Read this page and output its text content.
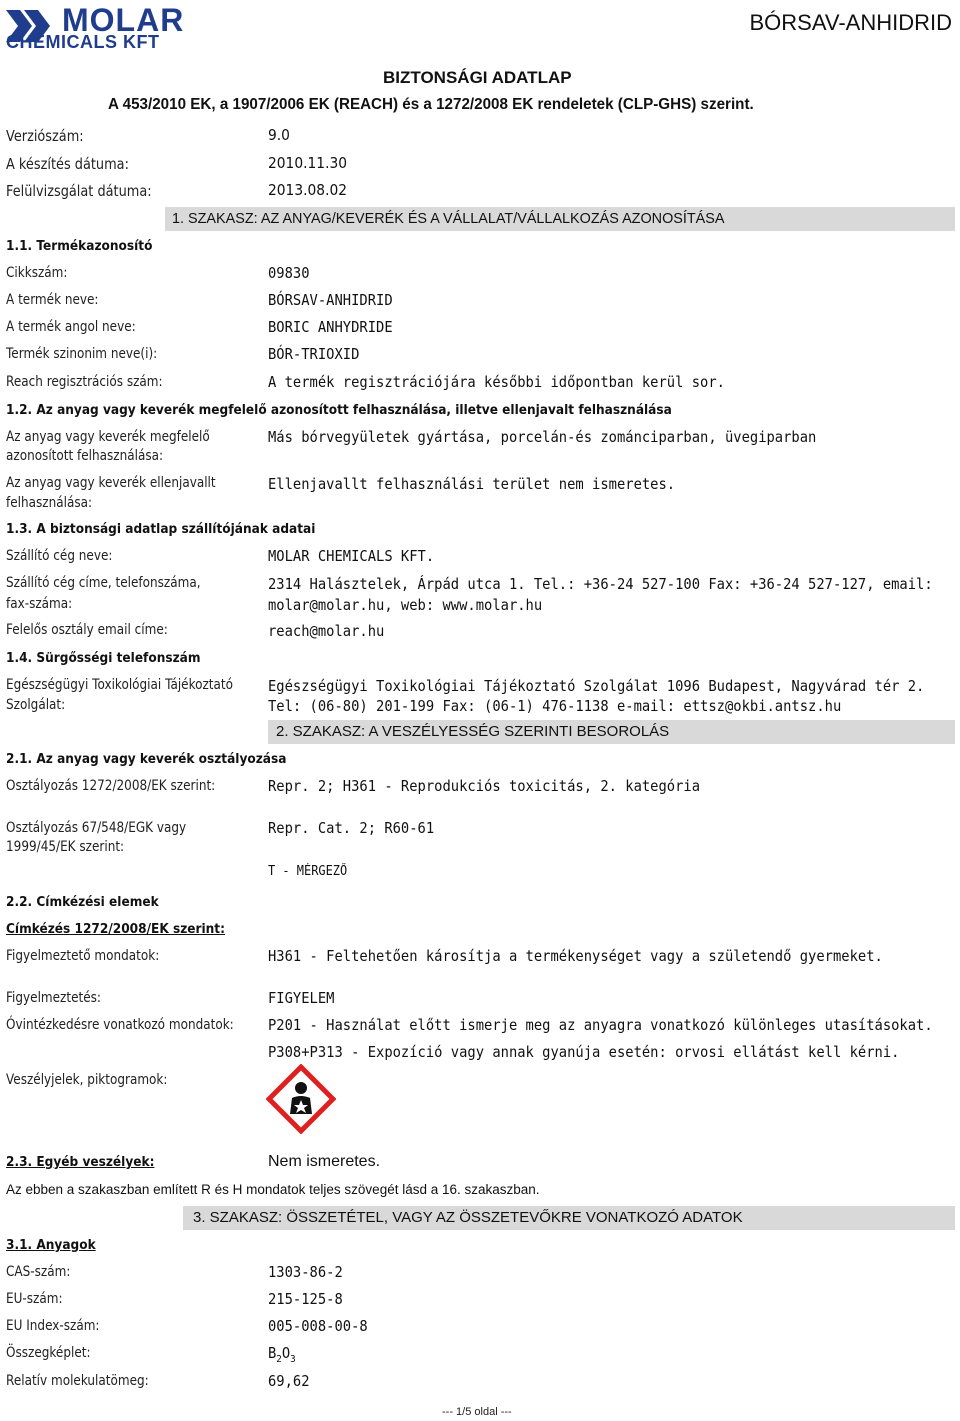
MOLAR
CHEMICALS KFT
BÓRSAV-ANHIDRID
BIZTONSÁGI ADATLAP
A 453/2010 EK, a 1907/2006 EK (REACH) és a 1272/2008 EK rendeletek (CLP-GHS) szerint.
Verziószám:	9.0
A készítés dátuma:	2010.11.30
Felülvizsgálat dátuma:	2013.08.02
1. SZAKASZ: AZ ANYAG/KEVERÉK ÉS A VÁLLALAT/VÁLLALKOZÁS AZONOSÍTÁSA
1.1. Termékazonosító
Cikkszám:	09830
A termék neve:	BÓRSAV-ANHIDRID
A termék angol neve:	BORIC ANHYDRIDE
Termék szinonim neve(i):	BÓR-TRIOXID
Reach regisztrációs szám:	A termék regisztrációjára későbbi időpontban kerül sor.
1.2. Az anyag vagy keverék megfelelő azonosított felhasználása, illetve ellenjavalt felhasználása
Az anyag vagy keverék megfelelő
azonosított felhasználása:
Más bórvegyületek gyártása, porcelán-és zománciparban, üvegiparban
Az anyag vagy keverék ellenjavallt
felhasználása:
Ellenjavallt felhasználási terület nem ismeretes.
1.3. A biztonsági adatlap szállítójának adatai
Szállító cég neve:	MOLAR CHEMICALS KFT.
Szállító cég címe, telefonszáma,
fax-száma:
2314 Halásztelek, Árpád utca 1. Tel.: +36-24 527-100 Fax: +36-24 527-127, email:
molar@molar.hu, web: www.molar.hu
Felelős osztály email címe:	reach@molar.hu
1.4. Sürgősségi telefonszám
Egészségügyi Toxikológiai Tájékoztató
Szolgálat:
Egészségügyi Toxikológiai Tájékoztató Szolgálat 1096 Budapest, Nagyvárad tér 2.
Tel: (06-80) 201-199 Fax: (06-1) 476-1138 e-mail: ettsz@okbi.antsz.hu
2. SZAKASZ: A VESZÉLYESSÉG SZERINTI BESOROLÁS
2.1. Az anyag vagy keverék osztályozása
Osztályozás 1272/2008/EK szerint:	Repr. 2; H361 - Reprodukciós toxicitás, 2. kategória
Osztályozás 67/548/EGK vagy
1999/45/EK szerint:
Repr. Cat. 2; R60-61
T - MÉRGEZŐ
2.2. Címkézési elemek
Címkézés 1272/2008/EK szerint:
Figyelmeztető mondatok:	H361 - Feltehetően károsítja a termékenységet vagy a születendő gyermeket.
Figyelmeztetés:	FIGYELEM
Óvintézkedésre vonatkozó mondatok: P201 - Használat előtt ismerje meg az anyagra vonatkozó különleges utasításokat.
P308+P313 - Expozíció vagy annak gyanúja esetén: orvosi ellátást kell kérni.
Veszélyjelek, piktogramok:
2.3. Egyéb veszélyek:	Nem ismeretes.
Az ebben a szakaszban említett R és H mondatok teljes szövegét lásd a 16. szakaszban.
3. SZAKASZ: ÖSSZETÉTEL, VAGY AZ ÖSSZETEVŐKRE VONATKOZÓ ADATOK
3.1. Anyagok
CAS-szám:	1303-86-2
EU-szám:	215-125-8
EU Index-szám:	005-008-00-8
Összegképlet:	$B_2O_3$
Relatív molekulatömeg:	69,62
--- 1/5 oldal ---
